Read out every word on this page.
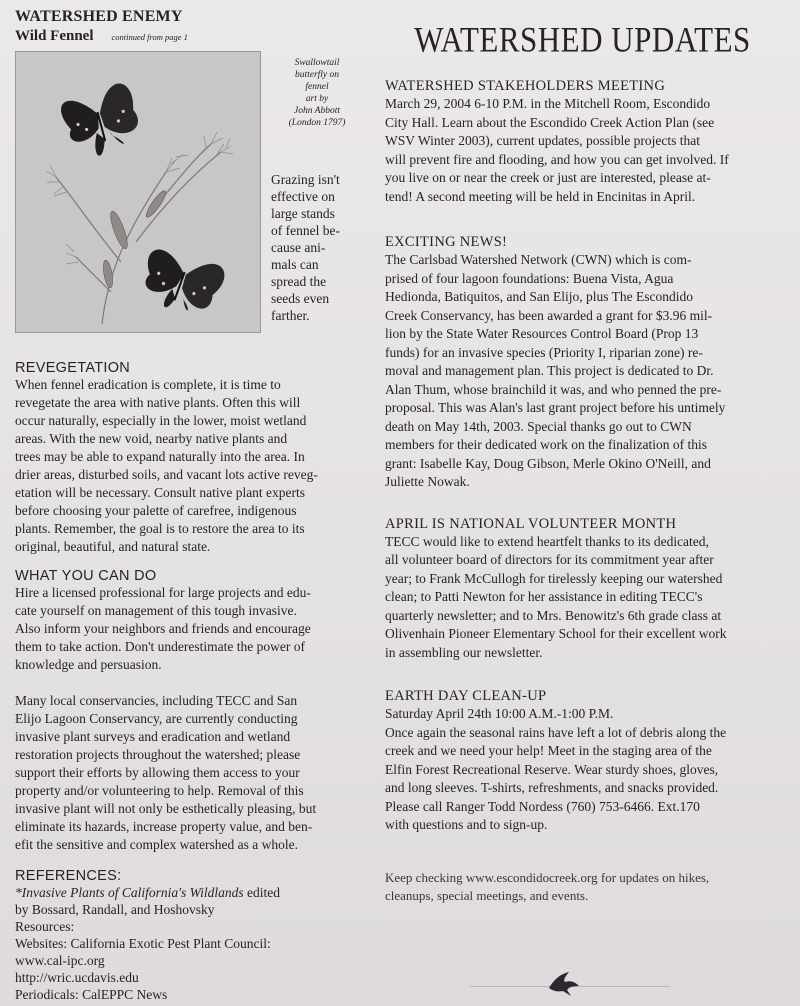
WATERSHED ENEMY
Wild Fennel continued from page 1
Swallowtail
butterfly on
fennel
art by
John Abbott
(London 1797)
Grazing isn't
effective on
large stands
of fennel be-
cause ani-
mals can
spread the
seeds even
farther.
REVEGETATION
When fennel eradication is complete, it is time to
revegetate the area with native plants. Often this will
occur naturally, especially in the lower, moist wetland
areas. With the new void, nearby native plants and
trees may be able to expand naturally into the area. In
drier areas, disturbed soils, and vacant lots active reveg-
etation will be necessary. Consult native plant experts
before choosing your palette of carefree, indigenous
plants. Remember, the goal is to restore the area to its
original, beautiful, and natural state.
WHAT YOU CAN DO
Hire a licensed professional for large projects and edu-
cate yourself on management of this tough invasive.
Also inform your neighbors and friends and encourage
them to take action. Don't underestimate the power of
knowledge and persuasion.
Many local conservancies, including TECC and San
Elijo Lagoon Conservancy, are currently conducting
invasive plant surveys and eradication and wetland
restoration projects throughout the watershed; please
support their efforts by allowing them access to your
property and/or volunteering to help. Removal of this
invasive plant will not only be esthetically pleasing, but
eliminate its hazards, increase property value, and ben-
efit the sensitive and complex watershed as a whole.
REFERENCES:
*Invasive Plants of California's Wildlands edited
by Bossard, Randall, and Hoshovsky
Resources:
Websites: California Exotic Pest Plant Council:
www.cal-ipc.org
http://wric.ucdavis.edu
Periodicals: CalEPPC News
WATERSHED UPDATES
WATERSHED STAKEHOLDERS MEETING
March 29, 2004 6-10 P.M. in the Mitchell Room, Escondido
City Hall. Learn about the Escondido Creek Action Plan (see
WSV Winter 2003), current updates, possible projects that
will prevent fire and flooding, and how you can get involved. If
you live on or near the creek or just are interested, please at-
tend! A second meeting will be held in Encinitas in April.
EXCITING NEWS!
The Carlsbad Watershed Network (CWN) which is com-
prised of four lagoon foundations: Buena Vista, Agua
Hedionda, Batiquitos, and San Elijo, plus The Escondido
Creek Conservancy, has been awarded a grant for $3.96 mil-
lion by the State Water Resources Control Board (Prop 13
funds) for an invasive species (Priority I, riparian zone) re-
moval and management plan. This project is dedicated to Dr.
Alan Thum, whose brainchild it was, and who penned the pre-
proposal. This was Alan's last grant project before his untimely
death on May 14th, 2003. Special thanks go out to CWN
members for their dedicated work on the finalization of this
grant: Isabelle Kay, Doug Gibson, Merle Okino O'Neill, and
Juliette Nowak.
APRIL IS NATIONAL VOLUNTEER MONTH
TECC would like to extend heartfelt thanks to its dedicated,
all volunteer board of directors for its commitment year after
year; to Frank McCullogh for tirelessly keeping our watershed
clean; to Patti Newton for her assistance in editing TECC's
quarterly newsletter; and to Mrs. Benowitz's 6th grade class at
Olivenhain Pioneer Elementary School for their excellent work
in assembling our newsletter.
EARTH DAY CLEAN-UP
Saturday April 24th 10:00 A.M.-1:00 P.M.
Once again the seasonal rains have left a lot of debris along the
creek and we need your help! Meet in the staging area of the
Elfin Forest Recreational Reserve. Wear sturdy shoes, gloves,
and long sleeves. T-shirts, refreshments, and snacks provided.
Please call Ranger Todd Nordess (760) 753-6466. Ext.170
with questions and to sign-up.
Keep checking www.escondidocreek.org for updates on hikes,
cleanups, special meetings, and events.
